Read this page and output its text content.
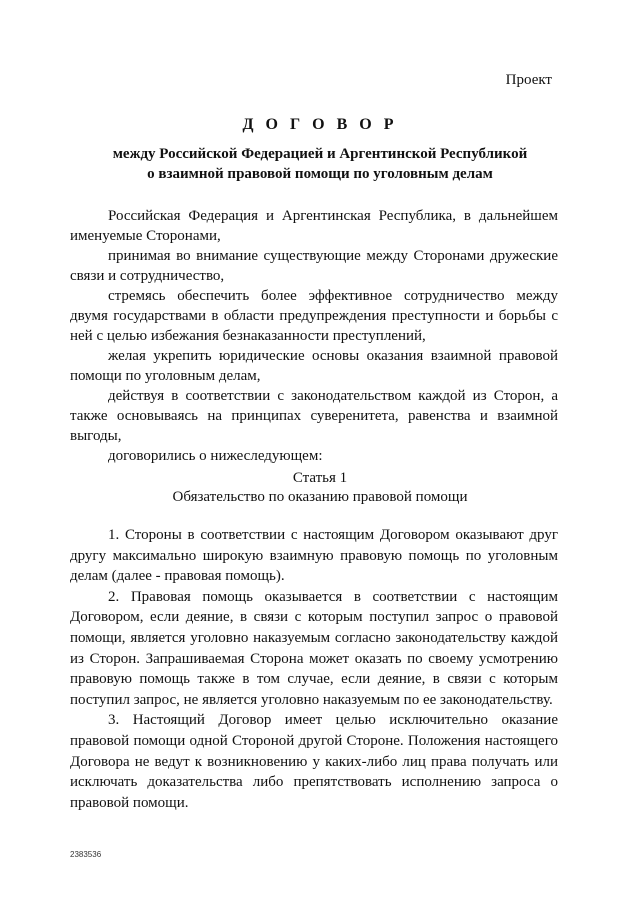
Проект
Д О Г О В О Р
между Российской Федерацией и Аргентинской Республикой
о взаимной правовой помощи по уголовным делам

Российская Федерация и Аргентинская Республика, в дальнейшем именуемые Сторонами,

принимая во внимание существующие между Сторонами дружеские связи и сотрудничество,

стремясь обеспечить более эффективное сотрудничество между двумя государствами в области предупреждения преступности и борьбы с ней с целью избежания безнаказанности преступлений,

желая укрепить юридические основы оказания взаимной правовой помощи по уголовным делам,

действуя в соответствии с законодательством каждой из Сторон, а также основываясь на принципах суверенитета, равенства и взаимной выгоды,

договорились о нижеследующем:

Статья 1
Обязательство по оказанию правовой помощи

1. Стороны в соответствии с настоящим Договором оказывают друг другу максимально широкую взаимную правовую помощь по уголовным делам (далее - правовая помощь).

2. Правовая помощь оказывается в соответствии с настоящим Договором, если деяние, в связи с которым поступил запрос о правовой помощи, является уголовно наказуемым согласно законодательству каждой из Сторон. Запрашиваемая Сторона может оказать по своему усмотрению правовую помощь также в том случае, если деяние, в связи с которым поступил запрос, не является уголовно наказуемым по ее законодательству.

3. Настоящий Договор имеет целью исключительно оказание правовой помощи одной Стороной другой Стороне. Положения настоящего Договора не ведут к возникновению у каких-либо лиц права получать или исключать доказательства либо препятствовать исполнению запроса о правовой помощи.

2383536
